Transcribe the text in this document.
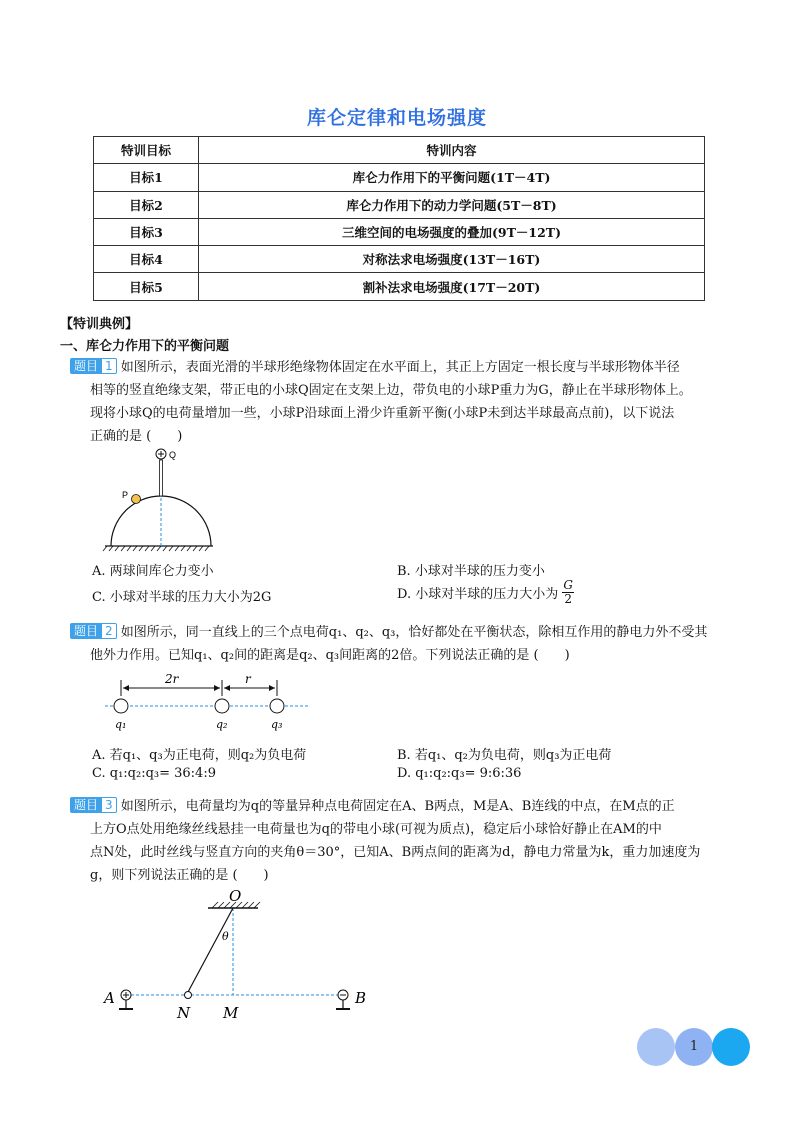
库仑定律和电场强度
特训目标	特训内容
目标1	库仑力作用下的平衡问题(1T－4T)
目标2	库仑力作用下的动力学问题(5T－8T)
目标3	三维空间的电场强度的叠加(9T－12T)
目标4	对称法求电场强度(13T－16T)
目标5	割补法求电场强度(17T－20T)
【特训典例】
一、库仑力作用下的平衡问题
题目 1 如图所示，表面光滑的半球形绝缘物体固定在水平面上，其正上方固定一根长度与半球形物体半径
相等的竖直绝缘支架，带正电的小球Q固定在支架上边，带负电的小球P重力为G，静止在半球形物体上。
现将小球Q的电荷量增加一些，小球P沿球面上滑少许重新平衡(小球P未到达半球最高点前)，以下说法
正确的是 (　　)
Q
P
A. 两球间库仑力变小	B. 小球对半球的压力变小
C. 小球对半球的压力大小为2G	D. 小球对半球的压力大小为 $\frac{G}{2}$
题目 2 如图所示，同一直线上的三个点电荷q₁、q₂、q₃，恰好都处在平衡状态，除相互作用的静电力外不受其
他外力作用。已知q₁、q₂间的距离是q₂、q₃间距离的2倍。下列说法正确的是 (　　)
2r	r
q₁	q₂	q₃
A. 若q₁、q₃为正电荷，则q₂为负电荷	B. 若q₁、q₂为负电荷，则q₃为正电荷
C. q₁:q₂:q₃= 36:4:9	D. q₁:q₂:q₃= 9:6:36
题目 3 如图所示，电荷量均为q的等量异种点电荷固定在A、B两点，M是A、B连线的中点，在M点的正
上方O点处用绝缘丝线悬挂一电荷量也为q的带电小球(可视为质点)，稳定后小球恰好静止在AM的中
点N处，此时丝线与竖直方向的夹角θ＝30°，已知A、B两点间的距离为d，静电力常量为k，重力加速度为
g，则下列说法正确的是 (　　)
O
θ
A	B
N M
1
